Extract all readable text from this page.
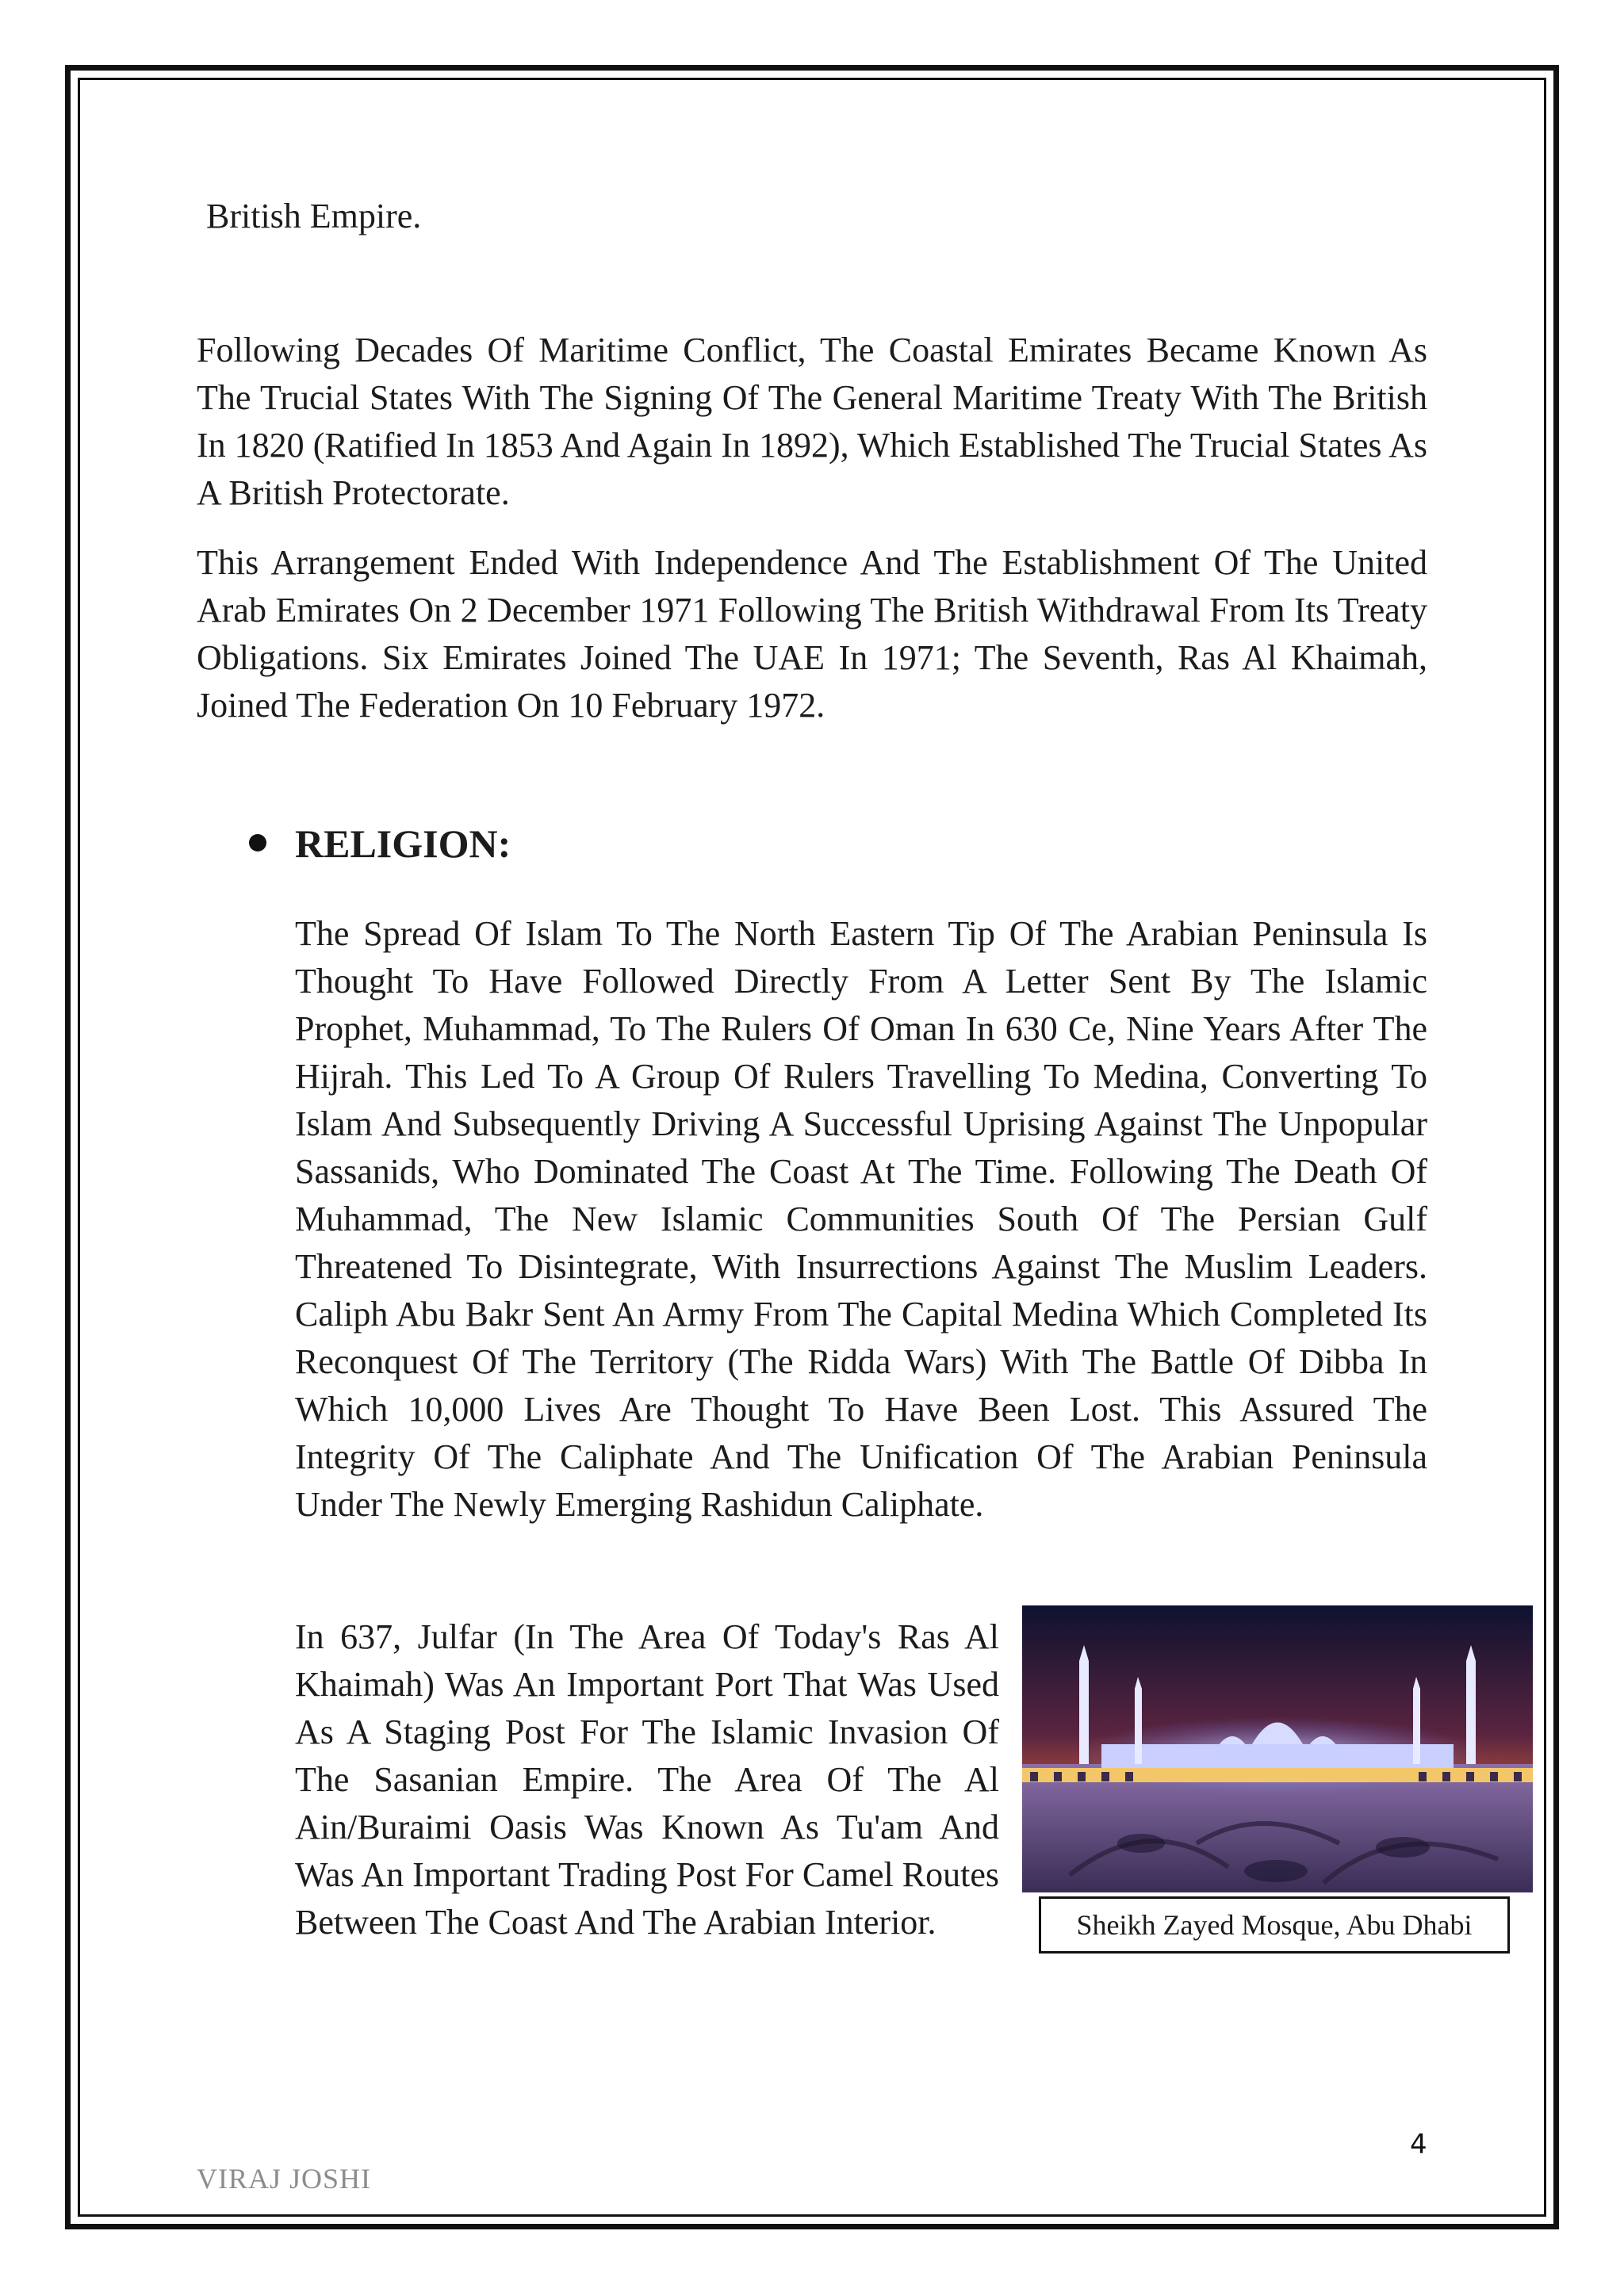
British Empire.
Following Decades Of Maritime Conflict, The Coastal Emirates Became Known As The Trucial States With The Signing Of The General Maritime Treaty With The British In 1820 (Ratified In 1853 And Again In 1892), Which Established The Trucial States As A British Protectorate.
This Arrangement Ended With Independence And The Establishment Of The United Arab Emirates On 2 December 1971 Following The British Withdrawal From Its Treaty Obligations. Six Emirates Joined The UAE In 1971; The Seventh, Ras Al Khaimah, Joined The Federation On 10 February 1972.
RELIGION:
The Spread Of Islam To The North Eastern Tip Of The Arabian Peninsula Is Thought To Have Followed Directly From A Letter Sent By The Islamic Prophet, Muhammad, To The Rulers Of Oman In 630 Ce, Nine Years After The Hijrah. This Led To A Group Of Rulers Travelling To Medina, Converting To Islam And Subsequently Driving A Successful Uprising Against The Unpopular Sassanids, Who Dominated The Coast At The Time. Following The Death Of Muhammad, The New Islamic Communities South Of The Persian Gulf Threatened To Disintegrate, With Insurrections Against The Muslim Leaders. Caliph Abu Bakr Sent An Army From The Capital Medina Which Completed Its Reconquest Of The Territory (The Ridda Wars) With The Battle Of Dibba In Which 10,000 Lives Are Thought To Have Been Lost. This Assured The Integrity Of The Caliphate And The Unification Of The Arabian Peninsula Under The Newly Emerging Rashidun Caliphate.
In 637, Julfar (In The Area Of Today's Ras Al Khaimah) Was An Important Port That Was Used As A Staging Post For The Islamic Invasion Of The Sasanian Empire. The Area Of The Al Ain/Buraimi Oasis Was Known As Tu'am And Was An Important Trading Post For Camel Routes Between The Coast And The Arabian Interior.	Sheikh Zayed Mosque, Abu Dhabi
4
VIRAJ JOSHI
